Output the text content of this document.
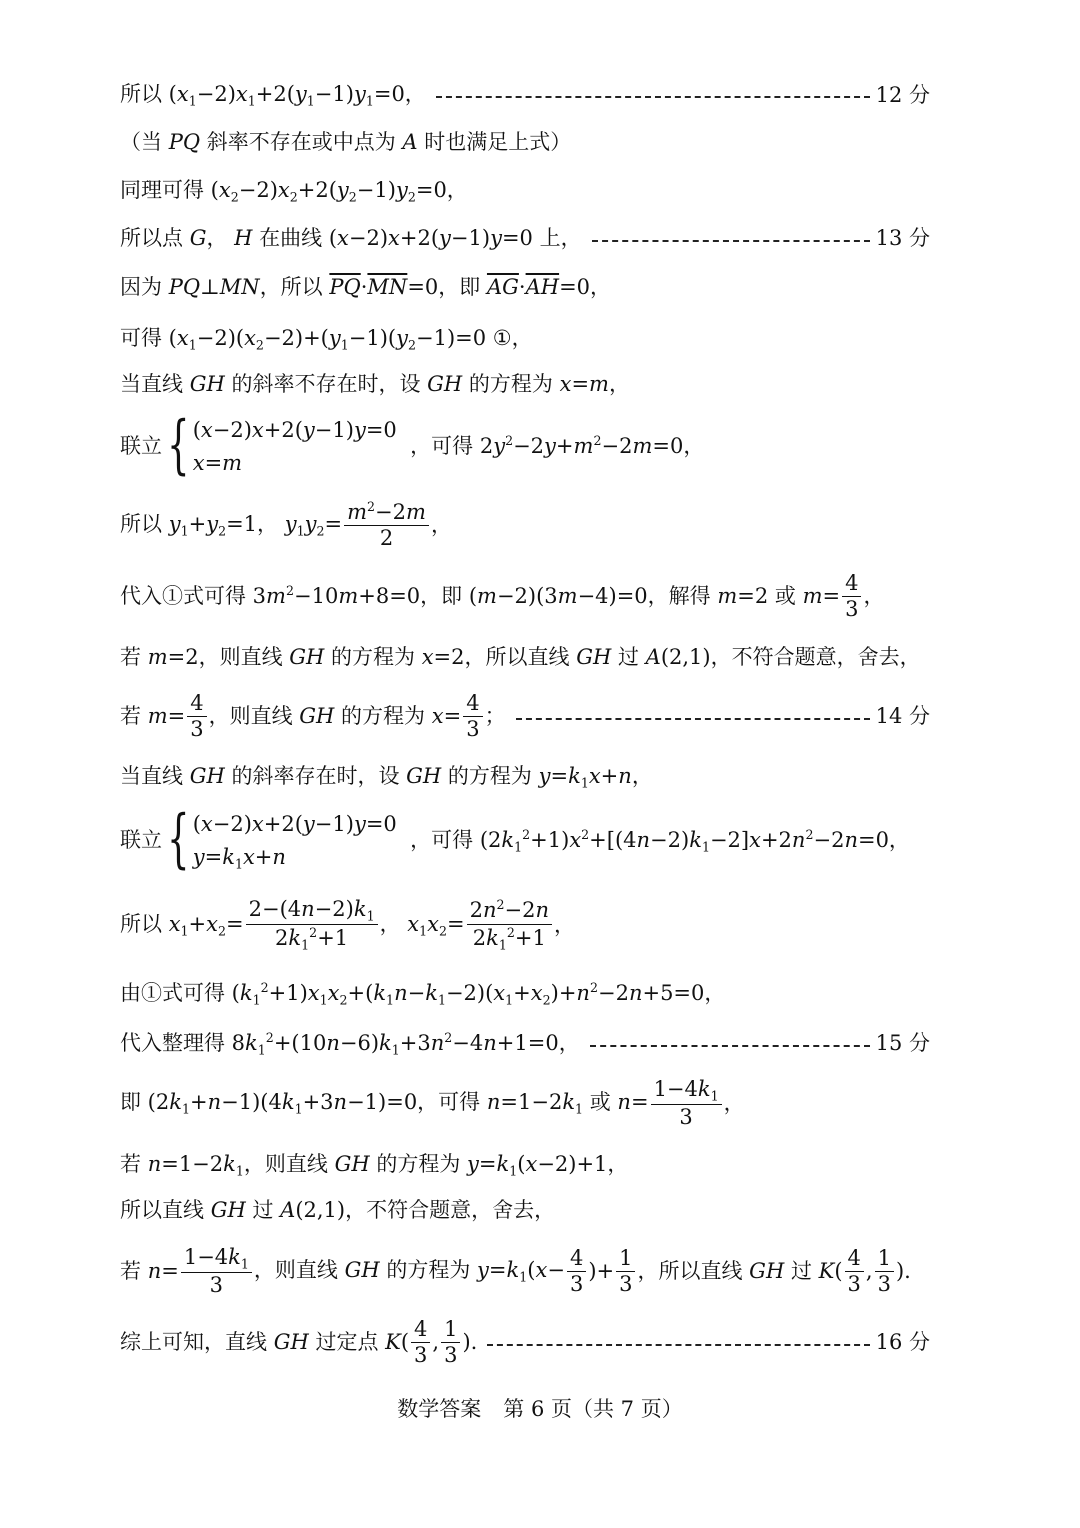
所以 $(x_1-2)x_1+2(y_1-1)y_1=0$，	12 分
（当 PQ 斜率不存在或中点为 A 时也满足上式）
同理可得 $(x_2-2)x_2+2(y_2-1)y_2=0$，
所以点 G， H 在曲线 (x−2)x+2(y−1)y=0 上，	13 分
因为 PQ⊥MN，所以 $\overline{PQ}\cdot\overline{MN}=0$，即 $\overline{AG}\cdot\overline{AH}=0$，
可得 $(x_1-2)(x_2-2)+(y_1-1)(y_2-1)=0$ ①，
当直线 GH 的斜率不存在时，设 GH 的方程为 x=m，
联立 { (x−2)x+2(y−1)y=0
x=m
，可得 $2y^2-2y+m^2-2m=0$，
所以 $y_1+y_2=1$， $y_1y_2= \frac{m^2-2m}{2}$ ，
代入①式可得 $3m^2-10m+8=0$，即 (m−2)(3m−4)=0，解得 m=2 或 $m= \frac{4}{3}$ ，
若 m=2，则直线 GH 的方程为 x=2，所以直线 GH 过 A(2,1)，不符合题意，舍去，
若 $m= \frac{4}{3}$ ，则直线 GH 的方程为 $x= \frac{4}{3}$ ；	14 分
当直线 GH 的斜率存在时，设 GH 的方程为 $y=k_1x+n$，
联立 { (x−2)x+2(y−1)y=0
$y=k_1x+n$
，可得 $(2k_1^2+1)x^2+[(4n-2)k_1-2]x+2n^2-2n=0$，
所以 $x_1+x_2= \frac{2-(4n-2)k_1}{2k_1^2+1}$ ， $x_1x_2= \frac{2n^2-2n}{2k_1^2+1}$ ，
由①式可得 $(k_1^2+1)x_1x_2+(k_1n-k_1-2)(x_1+x_2)+n^2-2n+5=0$，
代入整理得 $8k_1^2+(10n-6)k_1+3n^2-4n+1=0$，	15 分
即 $(2k_1+n-1)(4k_1+3n-1)=0$，可得 $n=1-2k_1$ 或 $n= \frac{1-4k_1}{3}$ ，
若 $n=1-2k_1$，则直线 GH 的方程为 $y=k_1(x-2)+1$，
所以直线 GH 过 A(2,1)，不符合题意，舍去，
若 $n= \frac{1-4k_1}{3}$ ，则直线 GH 的方程为 $y=k_1(x- \frac{4}{3}$ )+ $\frac{1}{3}$ ，所以直线 GH 过 $K( \frac{4}{3}$ , $\frac{1}{3}$ ).
综上可知，直线 GH 过定点 $K( \frac{4}{3}$ , $\frac{1}{3}$ ).	16 分
数学答案 第 6 页（共 7 页）
